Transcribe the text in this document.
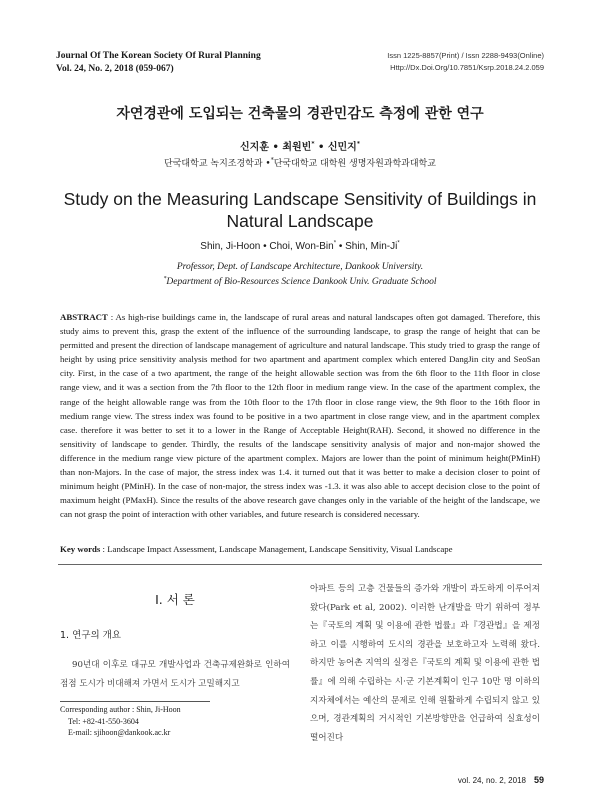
Journal Of The Korean Society Of Rural Planning
Vol. 24, No. 2, 2018 (059-067)
Issn 1225-8857(Print) / Issn 2288-9493(Online)
Http://Dx.Doi.Org/10.7851/Ksrp.2018.24.2.059
자연경관에 도입되는 건축물의 경관민감도 측정에 관한 연구
신지훈 • 최원빈* • 신민지*
단국대학교 녹지조경학과 •*단국대학교 대학원 생명자원과학과대학교
Study on the Measuring Landscape Sensitivity of Buildings in Natural Landscape
Shin, Ji-Hoon • Choi, Won-Bin* • Shin, Min-Ji*
Professor, Dept. of Landscape Architecture, Dankook University.
*Department of Bio-Resources Science Dankook Univ. Graduate School

ABSTRACT : As high-rise buildings came in, the landscape of rural areas and natural landscapes often got damaged. Therefore, this study aims to prevent this, grasp the extent of the influence of the surrounding landscape, to grasp the range of height that can be permitted and present the direction of landscape management of agriculture and natural landscape. This study tried to grasp the range of height by using price sensitivity analysis method for two apartment and apartment complex which entered DangJin city and SeoSan city. First, in the case of a two apartment, the range of the height allowable section was from the 6th floor to the 11th floor in close range view, and it was a section from the 7th floor to the 12th floor in medium range view. In the case of the apartment complex, the range of the height allowable range was from the 10th floor to the 17th floor in close range view, the 9th floor to the 16th floor in medium range view. The stress index was found to be positive in a two apartment in close range view, and in the apartment complex case. therefore it was better to set it to a lower in the Range of Acceptable Height(RAH). Second, it showed no difference in the sensitivity of landscape to gender. Thirdly, the results of the landscape sensitivity analysis of major and non-major showed the difference in the medium range view picture of the apartment complex. Majors are lower than the point of minimum height(PMinH) than non-Majors. In the case of major, the stress index was 1.4. it turned out that it was better to make a decision closer to point of minimum height (PMinH). In the case of non-major, the stress index was -1.3. it was also able to accept decision close to the point of maximum height (PMaxH). Since the results of the above research gave changes only in the variable of the height of the landscape, we can not grasp the point of interaction with other variables, and future research is considered necessary.

Key words : Landscape Impact Assessment, Landscape Management, Landscape Sensitivity, Visual Landscape

I. 서 론
1. 연구의 개요

90년대 이후로 대규모 개발사업과 건축규제완화로 인하여 점점 도시가 비대해져 가면서 도시가 고밀해지고

Corresponding author : Shin, Ji-Hoon
Tel: +82-41-550-3604
E-mail: sjihoon@dankook.ac.kr

아파트 등의 고층 건물들의 증가와 개발이 과도하게 이루어져 왔다(Park et al, 2002). 이러한 난개발을 막기 위하여 정부는『국토의 계획 및 이용에 관한 법률』과『경관법』을 제정하고 이를 시행하여 도시의 경관을 보호하고자 노력해 왔다. 하지만 농어촌 지역의 실정은『국토의 계획 및 이용에 관한 법률』에 의해 수립하는 시·군 기본계획이 인구 10만 명 이하의 지자체에서는 예산의 문제로 인해 원활하게 수립되지 않고 있으며, 경관계획의 거시적인 기본방향만을 언급하여 실효성이 떨어진다

vol. 24, no. 2, 2018 59
